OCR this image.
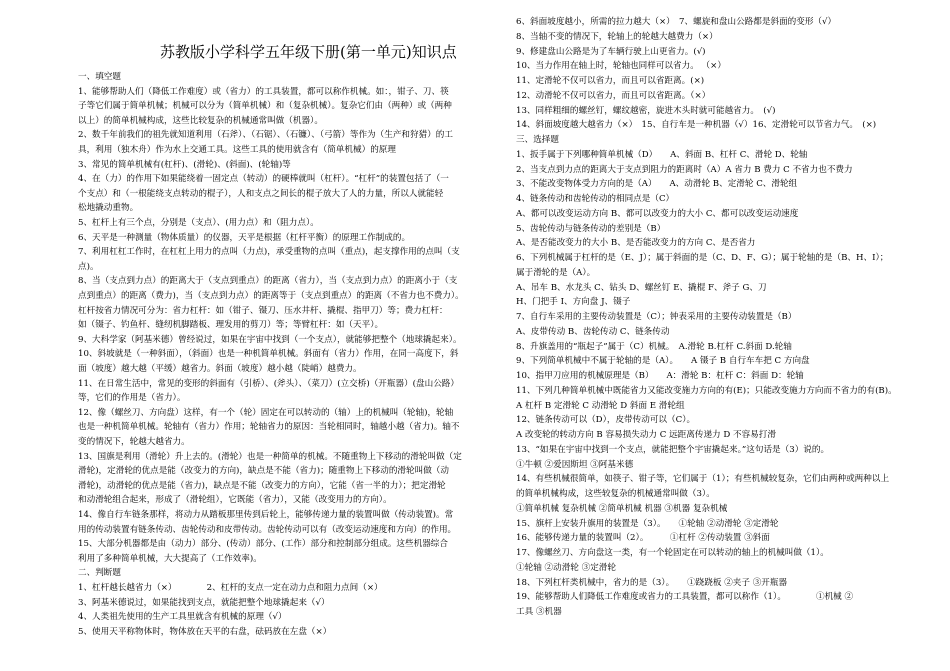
苏教版小学科学五年级下册(第一单元)知识点
一、填空题
1、能够帮助人们（降低工作难度）或（省力）的工具装置，都可以称作机械。如：，钳子、刀、筷
子等它们属于简单机械；机械可以分为（简单机械）和（复杂机械）。复杂它们由（两种）或（两种
以上）的简单机械构成，这些比较复杂的机械通常叫做（机器）。
2、数千年前我们的祖先就知道利用（石斧）、（石锯）、（石镰）、（弓箭）等作为（生产和狩猎）的工
具，利用（独木舟）作为水上交通工具。这些工具的使用就含有（简单机械）的原理
3、常见的简单机械有(杠杆)、(滑轮)、(斜面)、(轮轴)等
4、在（力）的作用下如果能绕着一固定点（转动）的硬棒就叫（杠杆）。“杠杆”的装置包括了（一
个支点）和（一根能绕支点转动的棍子），人和支点之间长的棍子放大了人的力量，所以人就能轻
松地撬动重物。
5、杠杆上有三个点，分别是（支点）、(用力点）和（阻力点）。
6、天平是一种测量（物体质量）的仪器，天平是根据（杠杆平衡）的原理工作制成的。
7、利用杠杠工作时，在杠杠上用力的点叫（力点)，承受重物的点叫（重点)，起支撑作用的点叫（支
点)。
8、当（支点到力点）的距离大于（支点到重点）的距离（省力），当（支点到力点）的距离小于（支
点到重点）的距离（费力)，当（支点到力点）的距离等于（支点到重点）的距离（不省力也不费力）。
杠杆按省力情况可分为：省力杠杆：如（钳子、镊刀、压水井杆、撬棍、指甲刀）等；费力杠杆：
如（镊子、钓鱼杆、缝纫机脚踏板、理发用的剪刀）等；等臂杠杆：如（天平）。
9、大科学家（阿基米德）曾经说过，如果在宇宙中找到（一个支点），就能够把整个（地球撬起来）。
10、斜坡就是（一种斜面），（斜面）也是一种机简单机械。斜面有（省力）作用，在同一高度下，斜
面（坡度）越大越（平缓）越省力。斜面（坡度）越小越（陡峭）越费力。
11、在日常生活中，常见的变形的斜面有（引桥）、(斧头）、（菜刀）(立交桥)（开瓶器）(盘山公路）
等，它们的作用是（省力）。
12、像（螺丝刀、方向盘）这样，有一个（轮）固定在可以转动的（轴）上的机械叫（轮轴)，轮轴
也是一种机简单机械。轮轴有（省力）作用；轮轴省力的原因：当轮相同时，轴越小越（省力)。轴不
变的情况下，轮越大越省力。
13、国旗是利用（滑轮）升上去的。(滑轮）也是一种简单的机械。不随重物上下移动的滑轮叫做（定
滑轮)，定滑轮的优点是能（改变力的方向)，缺点是不能（省力)；随重物上下移动的滑轮叫做（动
滑轮)，动滑轮的优点是能（省力)，缺点是不能（改变力的方向），它能（省一半的力）；把定滑轮
和动滑轮组合起来，形成了（滑轮组），它既能（省力），又能（改变用力的方向）。
14、像自行车链条那样，将动力从踏板那里传到后轮上，能够传递力量的装置叫做（传动装置)。常
用的传动装置有链条传动、齿轮传动和皮带传动。齿轮传动可以有（改变运动速度和方向）的作用。
15、大部分机器都是由（动力）部分、(传动）部分、(工作）部分和控制部分组成。这些机器综合
利用了多种简单机械，大大提高了（工作效率)。
二、判断题
1、杠杆越长越省力（×）　　　　2、杠杆的支点一定在动力点和阻力点间（×）
3、阿基米德说过，如果能找到支点，就能把整个地球撬起来（√）
4、人类祖先使用的生产工具里就含有机械的原理（√）
5、使用天平称物体时，物体放在天平的右盘，砝码放在左盘（×）
6、斜面坡度越小，所需的拉力越大（×）　7、螺旋和盘山公路都是斜面的变形（√）
8、当轴不变的情况下，轮轴上的轮越大越费力（×）
9、修建盘山公路是为了车辆行驶上山更省力。(√)
10、当力作用在轴上时，轮轴也同样可以省力。 （×）
11、定滑轮不仅可以省力，而且可以省距离。(×)
12、动滑轮不仅可以省力，而且可以省距离。（×）
13、同样粗细的螺丝钉，螺纹越密，旋进木头时就可能越省力。　(√)
14、斜面坡度越大越省力（×）　15、自行车是一种机器（√）16、定滑轮可以节省力气。　(×)
三、选择题
1、扳手属于下列哪种简单机械（D）　　A、斜面 B、杠杆 C、滑轮 D、轮轴
2、当支点到力点的距离大于支点到阻力的距离时（A）A 省力 B 费力 C 不省力也不费力
3、不能改变物体受力方向的是（A）　　A、动滑轮 B、定滑轮 C、滑轮组
4、链条传动和齿轮传动的相同点是（C）
A、都可以改变运动方向 B、都可以改变力的大小 C、都可以改变运动速度
5、齿轮传动与链条传动的差别是（B）
A、是否能改变力的大小 B、是否能改变力的方向 C、是否省力
6、下列机械属于杠杆的是（E、J）；属于斜面的是（C、D、F、G）；属于轮轴的是（B、H、I）；
属于滑轮的是（A）。
A、吊车 B、水龙头 C、钻头 D、螺丝钉 E、撬棍 F、斧子 G、刀
H、门把手 I、方向盘 J、镊子
7、自行车采用的主要传动装置是（C）；钟表采用的主要传动装置是（B）
A、皮带传动 B、齿轮传动 C、链条传动
8、升旗盖用的“瓶起子”属于（C）机械。　A.滑轮 B.杠杆 C.斜面 D.轮轴
9、下列简单机械中不属于轮轴的是（A）。　　A 镊子 B 自行车车把 C 方向盘
10、指甲刀应用的机械原理是（B）　　A：滑轮 B：杠杆 C：斜面 D：轮轴
11、下列几种简单机械中既能省力又能改变施力方向的有(E)；只能改变施力方向而不省力的有(B)。
A 杠杆 B 定滑轮 C 动滑轮 D 斜面 E 滑轮组
12、链条传动可以（D），皮带传动可以（C）。
A 改变轮的转动方向 B 容易损失动力 C 远距离传递力 D 不容易打滑
13、“如果在宇宙中找到一个支点，就能把整个宇宙撬起来。”这句话是（3）说的。
①牛顿 ②爱因斯坦 ③阿基米德
14、有些机械很简单，如筷子、钳子等，它们属于（1）；有些机械较复杂，它们由两种或两种以上
的简单机械构成，这些较复杂的机械通常叫做（3）。
①简单机械 复杂机械 ②简单机械 机器 ③机器 复杂机械
15、旗杆上安装升旗用的装置是（3）。　　①轮轴 ②动滑轮 ③定滑轮
16、能够传递力量的装置叫（2）。　　　①杠杆 ②传动装置 ③斜面
17、像螺丝刀、方向盘这一类，有一个轮固定在可以转动的轴上的机械叫做（1）。
①轮轴 ②动滑轮 ③定滑轮
18、下列杠杆类机械中，省力的是（3）。　　①跷跷板 ②夹子 ③开瓶器
19、能够帮助人们降低工作难度或省力的工具装置，都可以称作（1）。　　　　①机械 ②
工具 ③机器
